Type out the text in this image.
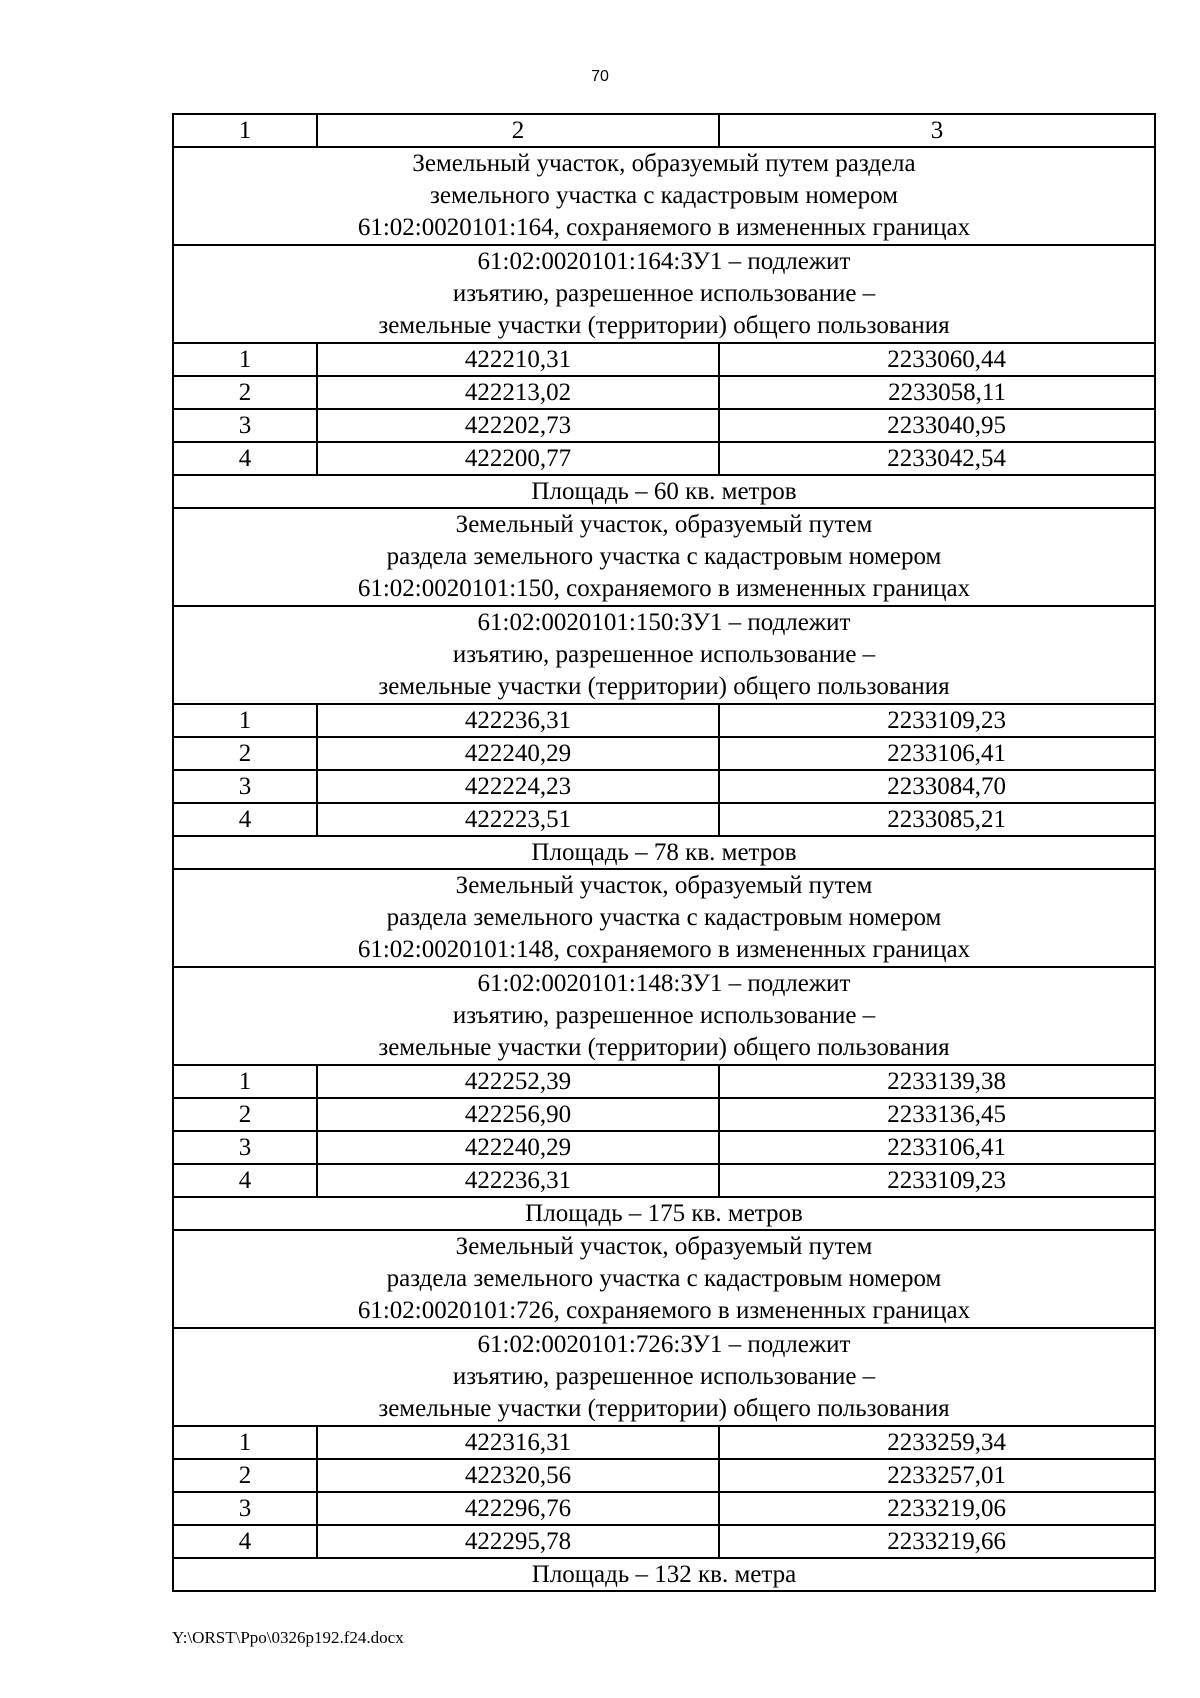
70
1	2	3

Земельный участок, образуемый путем раздела
земельного участка с кадастровым номером
61:02:0020101:164, сохраняемого в измененных границах		

61:02:0020101:164:ЗУ1 – подлежит
изъятию, разрешенное использование –
земельные участки (территории) общего пользования		

1	422210,31	2233060,44
2	422213,02	2233058,11
3	422202,73	2233040,95
4	422200,77	2233042,54
Площадь – 60 кв. метров		

Земельный участок, образуемый путем
раздела земельного участка с кадастровым номером
61:02:0020101:150, сохраняемого в измененных границах		

61:02:0020101:150:ЗУ1 – подлежит
изъятию, разрешенное использование –
земельные участки (территории) общего пользования		

1	422236,31	2233109,23
2	422240,29	2233106,41
3	422224,23	2233084,70
4	422223,51	2233085,21
Площадь – 78 кв. метров		

Земельный участок, образуемый путем
раздела земельного участка с кадастровым номером
61:02:0020101:148, сохраняемого в измененных границах		

61:02:0020101:148:ЗУ1 – подлежит
изъятию, разрешенное использование –
земельные участки (территории) общего пользования		

1	422252,39	2233139,38
2	422256,90	2233136,45
3	422240,29	2233106,41
4	422236,31	2233109,23
Площадь – 175 кв. метров		

Земельный участок, образуемый путем
раздела земельного участка с кадастровым номером
61:02:0020101:726, сохраняемого в измененных границах		

61:02:0020101:726:ЗУ1 – подлежит
изъятию, разрешенное использование –
земельные участки (территории) общего пользования		

1	422316,31	2233259,34
2	422320,56	2233257,01
3	422296,76	2233219,06
4	422295,78	2233219,66
Площадь – 132 кв. метра		
Y:\ORST\Ppo\0326p192.f24.docx
